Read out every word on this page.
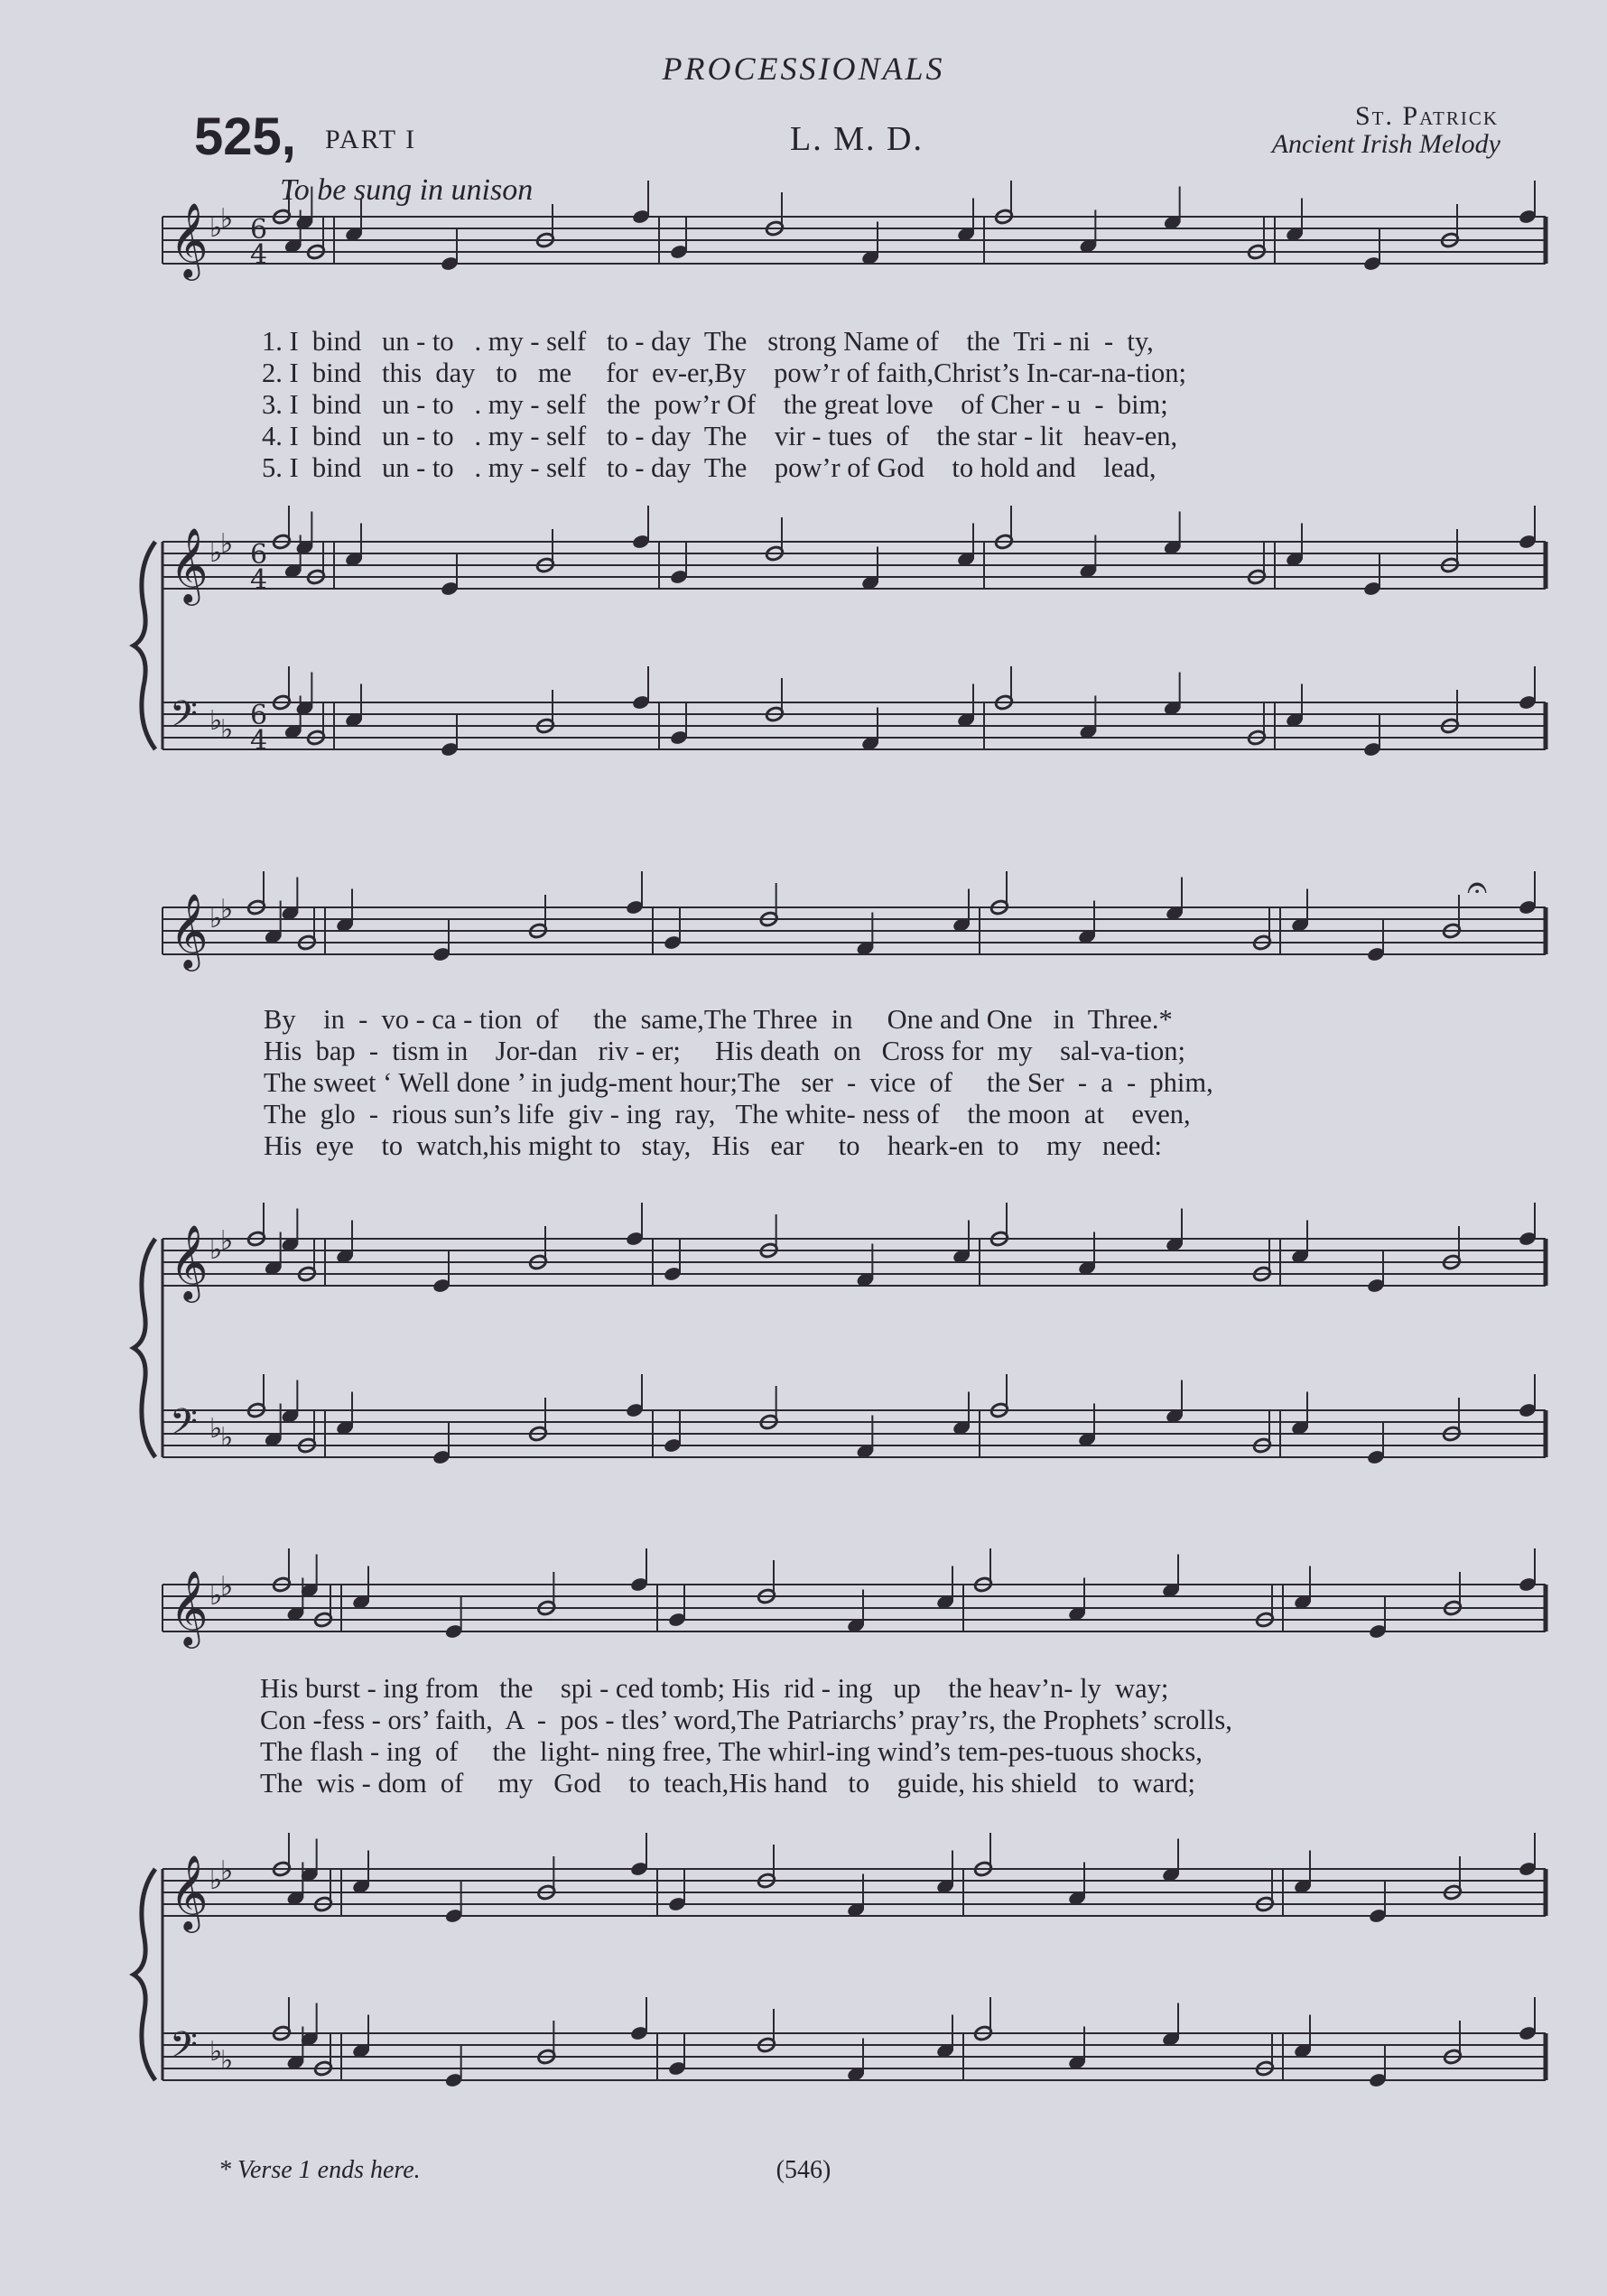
PROCESSIONALS
525, PART I	L. M. D.
St. Patrick
Ancient Irish Melody
To be sung in unison
𝄞 ♭
♭ 6
4
𝄞 ♭
♭ 6
4
𝄢 ♭
♭ 6
4
𝄞 ♭
♭
𝄞 ♭
♭
𝄢 ♭
♭
𝄞 ♭
♭
𝄞 ♭
♭
𝄢 ♭
♭
𝄐
1. I  bind   un - to   . my - self   to - day  The   strong Name of    the  Tri - ni  -  ty,
2. I  bind   this  day   to   me     for  ev-er,By    pow’r of faith,Christ’s In-car-na-tion;
3. I  bind   un - to   . my - self   the  pow’r Of    the great love    of Cher - u  -  bim;
4. I  bind   un - to   . my - self   to - day  The    vir - tues  of    the star - lit   heav-en,
5. I  bind   un - to   . my - self   to - day  The    pow’r of God    to hold and    lead,
By    in  -  vo - ca - tion  of     the  same,The Three  in     One and One   in  Three.*
His  bap  -  tism in    Jor-dan   riv - er;     His death  on   Cross for  my    sal-va-tion;
The sweet ‘ Well done ’ in judg-ment hour;The   ser  -  vice  of     the Ser  -  a  -  phim,
The  glo  -  rious sun’s life  giv - ing  ray,   The white- ness of    the moon  at    even,
His  eye    to  watch,his might to   stay,   His   ear     to    heark-en  to    my   need:
His burst - ing from   the    spi - ced tomb; His  rid - ing   up    the heav’n- ly  way;
Con -fess - ors’ faith,  A  -  pos - tles’ word,The Patriarchs’ pray’rs, the Prophets’ scrolls,
The flash - ing  of     the  light- ning free, The whirl-ing wind’s tem-pes-tuous shocks,
The  wis - dom  of     my   God    to  teach,His hand   to    guide, his shield   to  ward;
* Verse 1 ends here.	(546)
